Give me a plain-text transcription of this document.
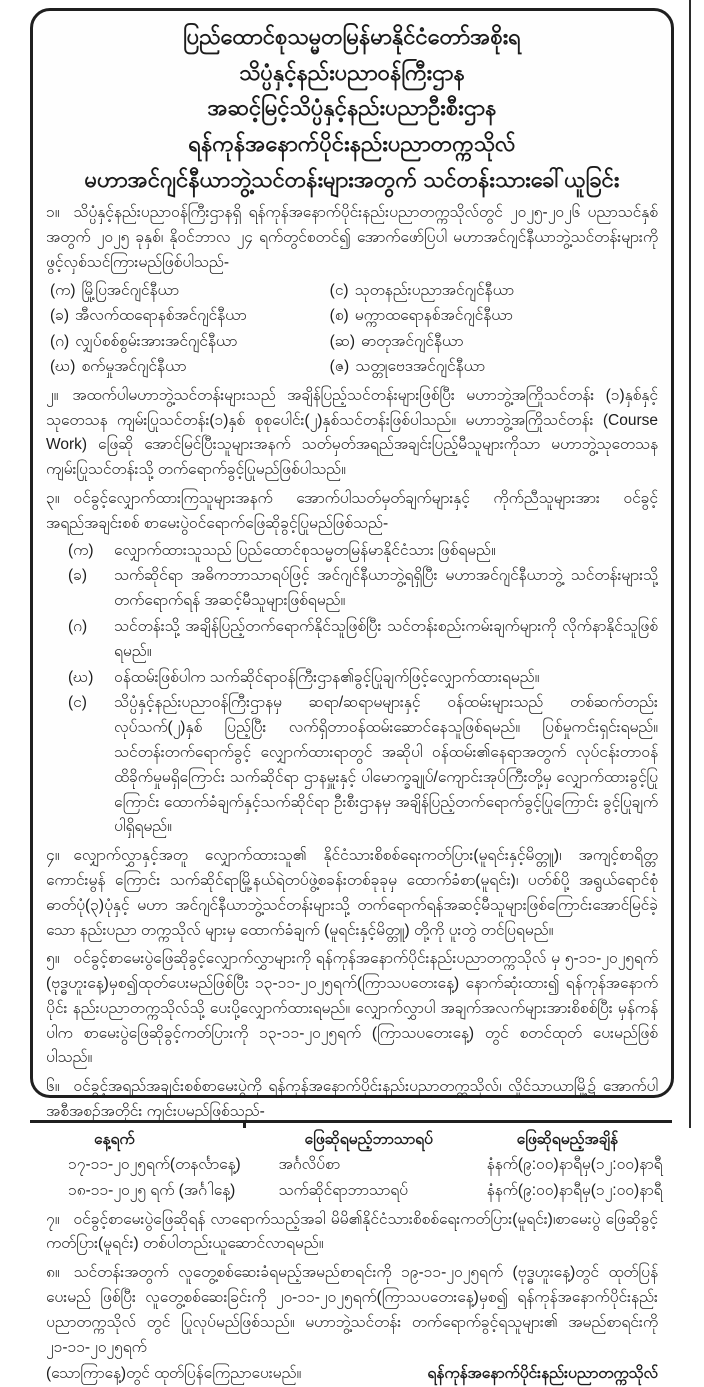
ပြည်ထောင်စုသမ္မတမြန်မာနိုင်ငံတော်အစိုးရ
သိပ္ပံနှင့်နည်းပညာဝန်ကြီးဌာန
အဆင့်မြင့်သိပ္ပံနှင့်နည်းပညာဦးစီးဌာန
ရန်ကုန်အနောက်ပိုင်းနည်းပညာတက္ကသိုလ်
မဟာအင်ဂျင်နီယာဘွဲ့သင်တန်းများအတွက် သင်တန်းသားခေါ်ယူခြင်း

၁။ သိပ္ပံနှင့်နည်းပညာဝန်ကြီးဌာနရှိ ရန်ကုန်အနောက်ပိုင်းနည်းပညာတက္ကသိုလ်တွင် ၂၀၂၅-၂၀၂၆ ပညာသင်နှစ် အတွက် ၂၀၂၅ ခုနှစ်၊ နိုဝင်ဘာလ ၂၄ ရက်တွင်စတင်၍ အောက်ဖော်ပြပါ မဟာအင်ဂျင်နီယာဘွဲ့သင်တန်းများကို ဖွင့်လှစ်သင်ကြားမည်ဖြစ်ပါသည်-

(က) မြို့ပြအင်ဂျင်နီယာ	(င) သုတနည်းပညာအင်ဂျင်နီယာ
(ခ) အီလက်ထရောနစ်အင်ဂျင်နီယာ	(စ) မက္ကာထရောနစ်အင်ဂျင်နီယာ
(ဂ) လျှပ်စစ်စွမ်းအားအင်ဂျင်နီယာ	(ဆ) ဓာတုအင်ဂျင်နီယာ
(ဃ) စက်မှုအင်ဂျင်နီယာ	(ဇ) သတ္တုဗေဒအင်ဂျင်နီယာ

၂။ အထက်ပါမဟာဘွဲ့သင်တန်းများသည် အချိန်ပြည့်သင်တန်းများဖြစ်ပြီး မဟာဘွဲ့အကြိုသင်တန်း (၁)နှစ်နှင့် သုတေသန ကျမ်းပြုသင်တန်း(၁)နှစ် စုစုပေါင်း(၂)နှစ်သင်တန်းဖြစ်ပါသည်။ မဟာဘွဲ့အကြိုသင်တန်း (Course Work) ဖြေဆို အောင်မြင်ပြီးသူများအနက် သတ်မှတ်အရည်အချင်းပြည့်မီသူများကိုသာ မဟာဘွဲ့သုတေသနကျမ်းပြုသင်တန်းသို့ တက်ရောက်ခွင့်ပြုမည်ဖြစ်ပါသည်။

၃။ ဝင်ခွင့်လျှောက်ထားကြသူများအနက် အောက်ပါသတ်မှတ်ချက်များနှင့် ကိုက်ညီသူများအား ဝင်ခွင့်အရည်အချင်းစစ် စာမေးပွဲဝင်ရောက်ဖြေဆိုခွင့်ပြုမည်ဖြစ်သည်-

(က)	လျှောက်ထားသူသည် ပြည်ထောင်စုသမ္မတမြန်မာနိုင်ငံသား ဖြစ်ရမည်။
(ခ)	သက်ဆိုင်ရာ အဓိကဘာသာရပ်ဖြင့် အင်ဂျင်နီယာဘွဲ့ရရှိပြီး မဟာအင်ဂျင်နီယာဘွဲ့ သင်တန်းများသို့ တက်ရောက်ရန် အဆင့်မီသူများဖြစ်ရမည်။
(ဂ)	သင်တန်းသို့ အချိန်ပြည့်တက်ရောက်နိုင်သူဖြစ်ပြီး သင်တန်းစည်းကမ်းချက်များကို လိုက်နာနိုင်သူဖြစ်ရမည်။
(ဃ)	ဝန်ထမ်းဖြစ်ပါက သက်ဆိုင်ရာဝန်ကြီးဌာန၏ခွင့်ပြုချက်ဖြင့်လျှောက်ထားရမည်။
(င)	သိပ္ပံနှင့်နည်းပညာဝန်ကြီးဌာနမှ ဆရာ/ဆရာမများနှင့် ဝန်ထမ်းများသည် တစ်ဆက်တည်းလုပ်သက်(၂)နှစ် ပြည့်ပြီး လက်ရှိတာဝန်ထမ်းဆောင်နေသူဖြစ်ရမည်။ ပြစ်မှုကင်းရှင်းရမည်။ သင်တန်းတက်ရောက်ခွင့် လျှောက်ထားရာတွင် အဆိုပါ ဝန်ထမ်း၏နေရာအတွက် လုပ်ငန်းတာဝန်ထိခိုက်မှုမရှိကြောင်း သက်ဆိုင်ရာ ဌာနမှူးနှင့် ပါမောက္ခချုပ်/ကျောင်းအုပ်ကြီးတို့မှ လျှောက်ထားခွင့်ပြုကြောင်း ထောက်ခံချက်နှင့်သက်ဆိုင်ရာ ဦးစီးဌာနမှ အချိန်ပြည့်တက်ရောက်ခွင့်ပြုကြောင်း ခွင့်ပြုချက်ပါရှိရမည်။

၄။ လျှောက်လွှာနှင့်အတူ လျှောက်ထားသူ၏ နိုင်ငံသားစိစစ်ရေးကတ်ပြား(မူရင်းနှင့်မိတ္တူ)၊ အကျင့်စာရိတ္တ ကောင်းမွန် ကြောင်း သက်ဆိုင်ရာမြို့နယ်ရဲတပ်ဖွဲ့စခန်းတစ်ခုခုမှ ထောက်ခံစာ(မူရင်း)၊ ပတ်စ်ပို့ အရွယ်ရောင်စုံဓာတ်ပုံ(၃)ပုံနှင့် မဟာ အင်ဂျင်နီယာဘွဲ့သင်တန်းများသို့ တက်ရောက်ရန်အဆင့်မီသူများဖြစ်ကြောင်းအောင်မြင်ခဲ့သော နည်းပညာ တက္ကသိုလ် များမှ ထောက်ခံချက် (မူရင်းနှင့်မိတ္တူ) တို့ကို ပူးတွဲ တင်ပြရမည်။

၅။ ဝင်ခွင့်စာမေးပွဲဖြေဆိုခွင့်လျှောက်လွှာများကို ရန်ကုန်အနောက်ပိုင်းနည်းပညာတက္ကသိုလ် မှ ၅-၁၁-၂၀၂၅ရက် (ဗုဒ္ဓဟူးနေ့)မှစ၍ထုတ်ပေးမည်ဖြစ်ပြီး ၁၃-၁၁-၂၀၂၅ရက်(ကြာသပတေးနေ့) နောက်ဆုံးထား၍ ရန်ကုန်အနောက်ပိုင်း နည်းပညာတက္ကသိုလ်သို့ ပေးပို့လျှောက်ထားရမည်။ လျှောက်လွှာပါ အချက်အလက်များအားစိစစ်ပြီး မှန်ကန်ပါက စာမေးပွဲဖြေဆိုခွင့်ကတ်ပြားကို ၁၃-၁၁-၂၀၂၅ရက် (ကြာသပတေးနေ့) တွင် စတင်ထုတ် ပေးမည်ဖြစ်ပါသည်။

၆။ ဝင်ခွင့်အရည်အချင်းစစ်စာမေးပွဲကို ရန်ကုန်အနောက်ပိုင်းနည်းပညာတက္ကသိုလ်၊ လှိုင်သာယာမြို့၌ အောက်ပါ အစီအစဉ်အတိုင်း ကျင်းပမည်ဖြစ်သည်-

နေ့ရက်	ဖြေဆိုရမည့်ဘာသာရပ်	ဖြေဆိုရမည့်အချိန်
၁၇-၁၁-၂၀၂၅ရက်(တနင်္လာနေ့)	အင်္ဂလိပ်စာ	နံနက်(၉:၀၀)နာရီမှ(၁၂:၀၀)နာရီ
၁၈-၁၁-၂၀၂၅ ရက် (အင်္ဂါနေ့)	သက်ဆိုင်ရာဘာသာရပ်	နံနက်(၉:၀၀)နာရီမှ(၁၂:၀၀)နာရီ

၇။ ဝင်ခွင့်စာမေးပွဲဖြေဆိုရန် လာရောက်သည့်အခါ မိမိ၏နိုင်ငံသားစိစစ်ရေးကတ်ပြား(မူရင်း)၊စာမေးပွဲ ဖြေဆိုခွင့် ကတ်ပြား(မူရင်း) တစ်ပါတည်းယူဆောင်လာရမည်။

၈။ သင်တန်းအတွက် လူတွေ့စစ်ဆေးခံရမည့်အမည်စာရင်းကို ၁၉-၁၁-၂၀၂၅ရက် (ဗုဒ္ဓဟူးနေ့)တွင် ထုတ်ပြန်ပေးမည် ဖြစ်ပြီး လူတွေ့စစ်ဆေးခြင်းကို ၂၀-၁၁-၂၀၂၅ရက်(ကြာသပတေးနေ့)မှစ၍ ရန်ကုန်အနောက်ပိုင်းနည်းပညာတက္ကသိုလ် တွင် ပြုလုပ်မည်ဖြစ်သည်။ မဟာဘွဲ့သင်တန်း တက်ရောက်ခွင့်ရသူများ၏ အမည်စာရင်းကို ၂၁-၁၁-၂၀၂၅ရက်

(သောကြာနေ့)တွင် ထုတ်ပြန်ကြေညာပေးမည်။	ရန်ကုန်အနောက်ပိုင်းနည်းပညာတက္ကသိုလ်
